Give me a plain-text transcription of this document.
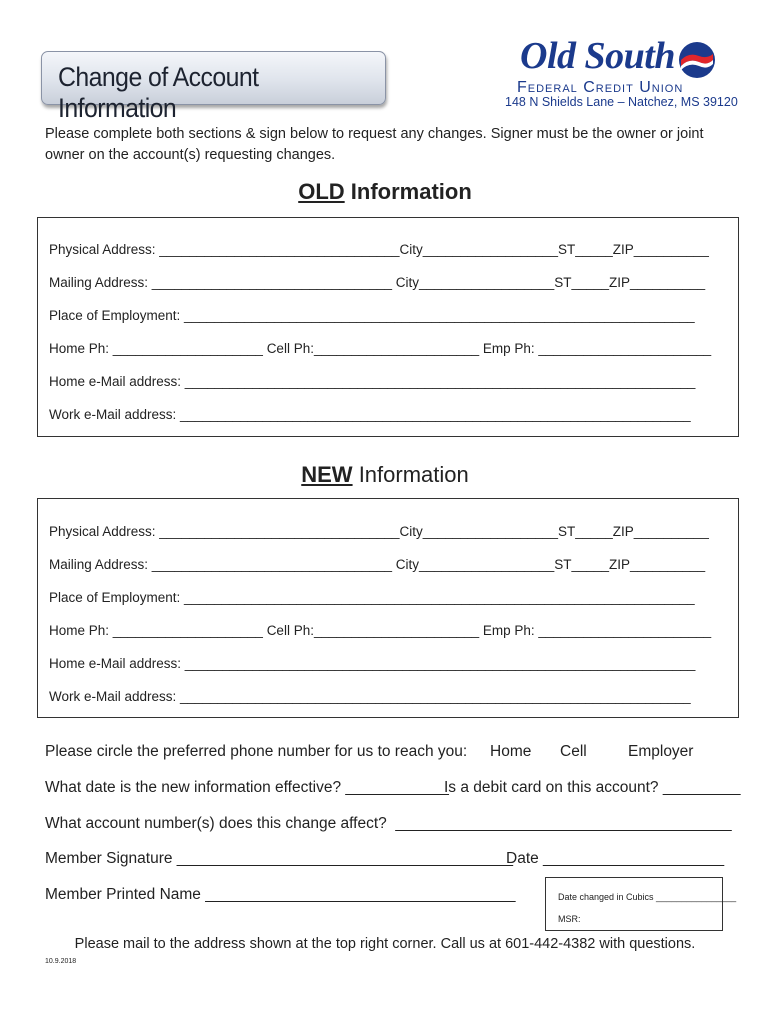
Change of Account Information
Old South
Federal Credit Union
148 N Shields Lane – Natchez, MS 39120
Please complete both sections & sign below to request any changes. Signer must be the owner or joint owner on the account(s) requesting changes.
OLD Information
Physical Address: ________________________________City__________________ST_____ZIP__________
Mailing Address: ________________________________ City__________________ST_____ZIP__________
Place of Employment: ____________________________________________________________________
Home Ph: ____________________ Cell Ph:______________________ Emp Ph: _______________________
Home e-Mail address: ____________________________________________________________________
Work e-Mail address: ____________________________________________________________________
NEW Information
Physical Address: ________________________________City__________________ST_____ZIP__________
Mailing Address: ________________________________ City__________________ST_____ZIP__________
Place of Employment: ____________________________________________________________________
Home Ph: ____________________ Cell Ph:______________________ Emp Ph: _______________________
Home e-Mail address: ____________________________________________________________________
Work e-Mail address: ____________________________________________________________________
Please circle the preferred phone number for us to reach you: Home Cell	Employer
What date is the new information effective? ____________
Is a debit card on this account? _________
What account number(s) does this change affect?  _______________________________________
Member Signature _______________________________________
Date _____________________
Member Printed Name ____________________________________	Date changed in Cubics ________________
MSR:
Please mail to the address shown at the top right corner. Call us at 601-442-4382 with questions.
10.9.2018
